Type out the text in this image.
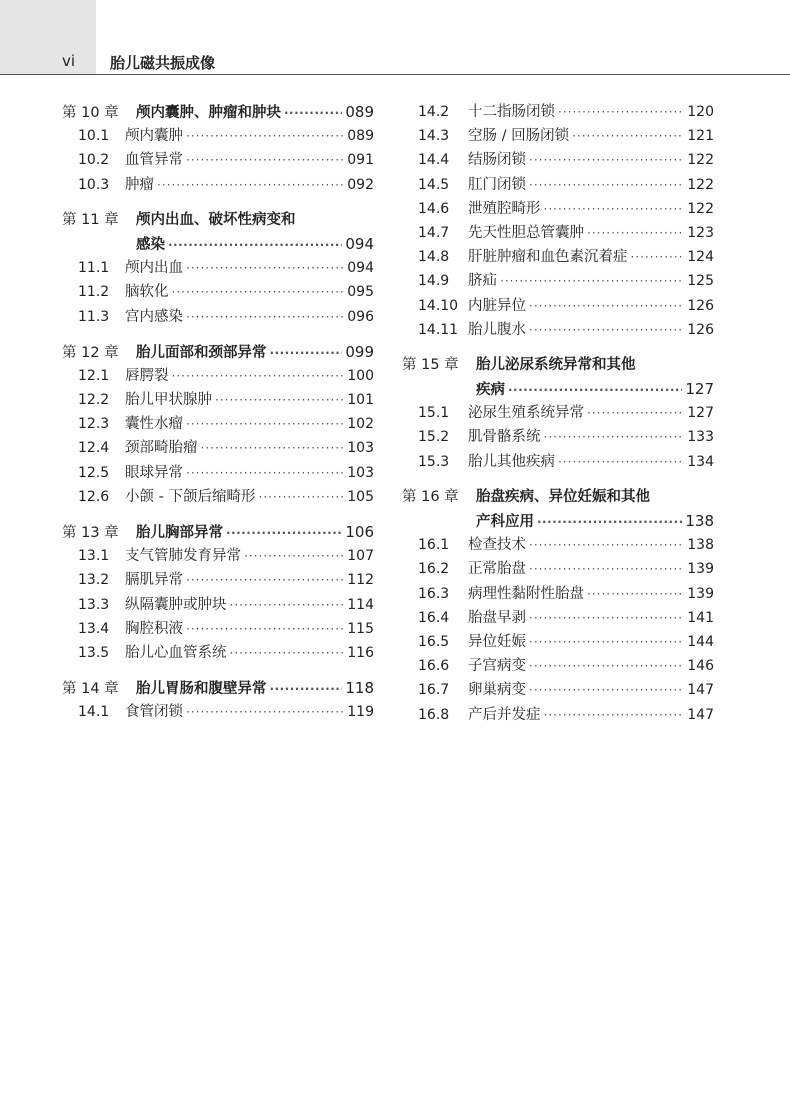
vi 胎儿磁共振成像
第 10 章	颅内囊肿、肿瘤和肿块 ·····	089
10.1	颅内囊肿 ·····	089
10.2	血管异常 ·····	091
10.3	肿瘤 ·····	092
第 11 章	颅内出血、破坏性病变和
感染 ·····	094
11.1	颅内出血 ·····	094
11.2	脑软化 ·····	095
11.3	宫内感染 ·····	096
第 12 章	胎儿面部和颈部异常 ·····	099
12.1	唇腭裂 ·····	100
12.2	胎儿甲状腺肿 ·····	101
12.3	囊性水瘤 ·····	102
12.4	颈部畸胎瘤 ·····	103
12.5	眼球异常 ·····	103
12.6	小颌 - 下颌后缩畸形 ·····	105
第 13 章	胎儿胸部异常 ·····	106
13.1	支气管肺发育异常 ·····	107
13.2	膈肌异常 ·····	112
13.3	纵隔囊肿或肿块 ·····	114
13.4	胸腔积液 ·····	115
13.5	胎儿心血管系统 ·····	116
第 14 章	胎儿胃肠和腹壁异常 ·····	118
14.1	食管闭锁 ·····	119
14.2	十二指肠闭锁 ·····	120
14.3	空肠 / 回肠闭锁 ·····	121
14.4	结肠闭锁 ·····	122
14.5	肛门闭锁 ·····	122
14.6	泄殖腔畸形 ·····	122
14.7	先天性胆总管囊肿 ·····	123
14.8	肝脏肿瘤和血色素沉着症 ·····	124
14.9	脐疝 ·····	125
14.10 内脏异位 ·····	126
14.11 胎儿腹水 ·····	126
第 15 章	胎儿泌尿系统异常和其他
疾病 ·····	127
15.1	泌尿生殖系统异常 ·····	127
15.2	肌骨骼系统 ·····	133
15.3	胎儿其他疾病 ·····	134
第 16 章	胎盘疾病、异位妊娠和其他
产科应用 ·····	138
16.1	检查技术 ·····	138
16.2	正常胎盘 ·····	139
16.3	病理性黏附性胎盘 ·····	139
16.4	胎盘早剥 ·····	141
16.5	异位妊娠 ·····	144
16.6	子宫病变 ·····	146
16.7	卵巢病变 ·····	147
16.8	产后并发症 ·····	147
